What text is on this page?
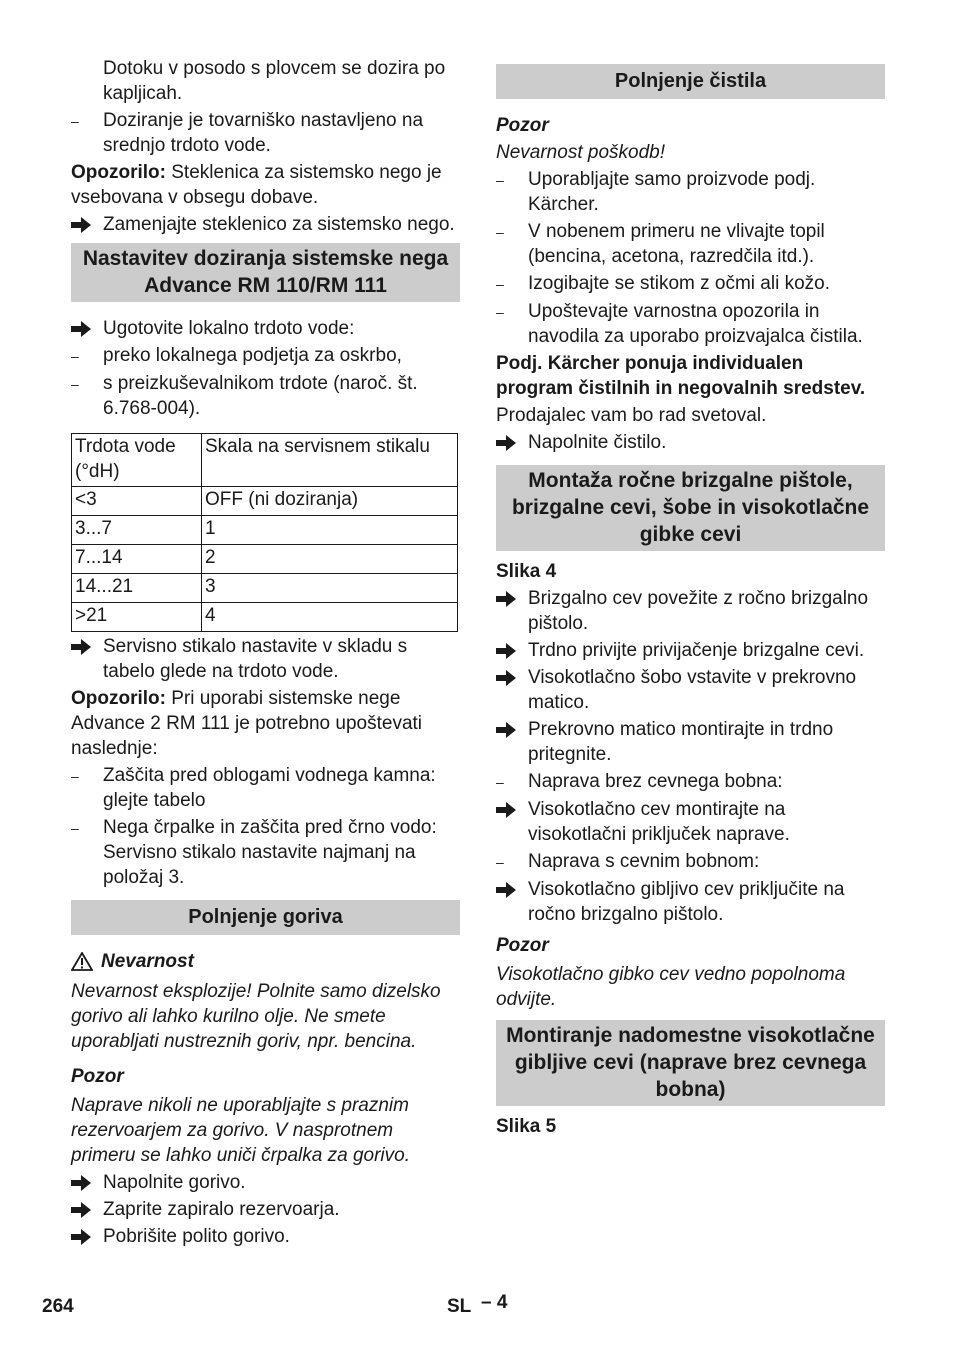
Dotoku v posodo s plovcem se dozira po kapljicah.
–	Doziranje je tovarniško nastavljeno na srednjo trdoto vode.
Opozorilo: Steklenica za sistemsko nego je vsebovana v obsegu dobave.
Zamenjajte steklenico za sistemsko nego.
Nastavitev doziranja sistemske nega Advance RM 110/RM 111
Ugotovite lokalno trdoto vode:
–	preko lokalnega podjetja za oskrbo,
–	s preizkuševalnikom trdote (naroč. št. 6.768-004).
Trdota vode (°dH)	Skala na servisnem stikalu
<3	OFF (ni doziranja)
3...7	1
7...14	2
14...21	3
>21	4
Servisno stikalo nastavite v skladu s tabelo glede na trdoto vode.
Opozorilo: Pri uporabi sistemske nege Advance 2 RM 111 je potrebno upoštevati naslednje:
–	Zaščita pred oblogami vodnega kamna: glejte tabelo
–	Nega črpalke in zaščita pred črno vodo: Servisno stikalo nastavite najmanj na položaj 3.
Polnjenje goriva
Nevarnost
Nevarnost eksplozije! Polnite samo dizelsko gorivo ali lahko kurilno olje. Ne smete uporabljati nustreznih goriv, npr. bencina.
Pozor
Naprave nikoli ne uporabljajte s praznim rezervoarjem za gorivo. V nasprotnem primeru se lahko uniči črpalka za gorivo.
Napolnite gorivo.
Zaprite zapiralo rezervoarja.
Pobrišite polito gorivo.
Polnjenje čistila
Pozor
Nevarnost poškodb!
–	Uporabljajte samo proizvode podj. Kärcher.
–	V nobenem primeru ne vlivajte topil (bencina, acetona, razredčila itd.).
–	Izogibajte se stikom z očmi ali kožo.
–	Upoštevajte varnostna opozorila in navodila za uporabo proizvajalca čistila.
Podj. Kärcher ponuja individualen program čistilnih in negovalnih sredstev.
Prodajalec vam bo rad svetoval.
Napolnite čistilo.
Montaža ročne brizgalne pištole, brizgalne cevi, šobe in visokotlačne gibke cevi
Slika 4
Brizgalno cev povežite z ročno brizgalno pištolo.
Trdno privijte privijačenje brizgalne cevi.
Visokotlačno šobo vstavite v prekrovno matico.
Prekrovno matico montirajte in trdno pritegnite.
–	Naprava brez cevnega bobna:
Visokotlačno cev montirajte na visokotlačni priključek naprave.
–	Naprava s cevnim bobnom:
Visokotlačno gibljivo cev priključite na ročno brizgalno pištolo.
Pozor
Visokotlačno gibko cev vedno popolnoma odvijte.
Montiranje nadomestne visokotlačne gibljive cevi (naprave brez cevnega bobna)
Slika 5
264	SL – 4
